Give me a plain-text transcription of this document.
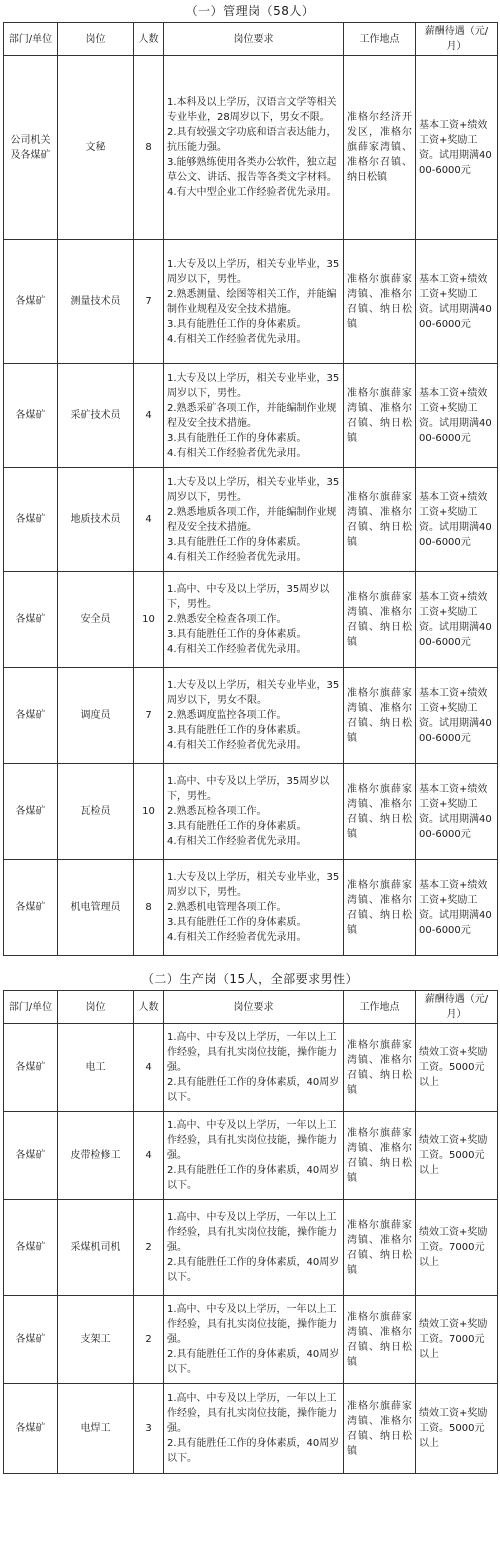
（一）管理岗（58人）
部门/单位	岗位	人数	岗位要求	工作地点	薪酬待遇（元/月）
公司机关及各煤矿	文秘	8	1.本科及以上学历，汉语言文学等相关专业毕业，28周岁以下，男女不限。
2.具有较强文字功底和语言表达能力，抗压能力强。
3.能够熟练使用各类办公软件，独立起草公文、讲话、报告等各类文字材料。
4.有大中型企业工作经验者优先录用。	准格尔经济开发区，准格尔旗薛家湾镇、准格尔召镇、纳日松镇	基本工资+绩效工资+奖励工资。试用期满4000-6000元
各煤矿	测量技术员	7	1.大专及以上学历，相关专业毕业，35周岁以下，男性。
2.熟悉测量、绘图等相关工作，并能编制作业规程及安全技术措施。
3.具有能胜任工作的身体素质。
4.有相关工作经验者优先录用。	准格尔旗薛家湾镇、准格尔召镇、纳日松镇	基本工资+绩效工资+奖励工资。试用期满4000-6000元
各煤矿	采矿技术员	4	1.大专及以上学历，相关专业毕业，35周岁以下，男性。
2.熟悉采矿各项工作，并能编制作业规程及安全技术措施。
3.具有能胜任工作的身体素质。
4.有相关工作经验者优先录用。	准格尔旗薛家湾镇、准格尔召镇、纳日松镇	基本工资+绩效工资+奖励工资。试用期满4000-6000元
各煤矿	地质技术员	4	1.大专及以上学历，相关专业毕业，35周岁以下，男性。
2.熟悉地质各项工作，并能编制作业规程及安全技术措施。
3.具有能胜任工作的身体素质。
4.有相关工作经验者优先录用。	准格尔旗薛家湾镇、准格尔召镇、纳日松镇	基本工资+绩效工资+奖励工资。试用期满4000-6000元
各煤矿	安全员	10	1.高中、中专及以上学历，35周岁以下，男性。
2.熟悉安全检查各项工作。
3.具有能胜任工作的身体素质。
4.有相关工作经验者优先录用。	准格尔旗薛家湾镇、准格尔召镇、纳日松镇	基本工资+绩效工资+奖励工资。试用期满4000-6000元
各煤矿	调度员	7	1.大专及以上学历，相关专业毕业，35周岁以下，男女不限。
2.熟悉调度监控各项工作。
3.具有能胜任工作的身体素质。
4.有相关工作经验者优先录用。	准格尔旗薛家湾镇、准格尔召镇、纳日松镇	基本工资+绩效工资+奖励工资。试用期满4000-6000元
各煤矿	瓦检员	10	1.高中、中专及以上学历，35周岁以下，男性。
2.熟悉瓦检各项工作。
3.具有能胜任工作的身体素质。
4.有相关工作经验者优先录用。	准格尔旗薛家湾镇、准格尔召镇、纳日松镇	基本工资+绩效工资+奖励工资。试用期满4000-6000元
各煤矿	机电管理员	8	1.大专及以上学历，相关专业毕业，35周岁以下，男性。
2.熟悉机电管理各项工作。
3.具有能胜任工作的身体素质。
4.有相关工作经验者优先录用。	准格尔旗薛家湾镇、准格尔召镇、纳日松镇	基本工资+绩效工资+奖励工资。试用期满4000-6000元
（二）生产岗（15人，全部要求男性）
部门/单位	岗位	人数	岗位要求	工作地点	薪酬待遇（元/月）
各煤矿	电工	4	1.高中、中专及以上学历，一年以上工作经验，具有扎实岗位技能，操作能力强。
2.具有能胜任工作的身体素质，40周岁以下。	准格尔旗薛家湾镇、准格尔召镇、纳日松镇	绩效工资+奖励工资。5000元以上
各煤矿	皮带检修工	4	1.高中、中专及以上学历，一年以上工作经验，具有扎实岗位技能，操作能力强。
2.具有能胜任工作的身体素质，40周岁以下。	准格尔旗薛家湾镇、准格尔召镇、纳日松镇	绩效工资+奖励工资。5000元以上
各煤矿	采煤机司机	2	1.高中、中专及以上学历，一年以上工作经验，具有扎实岗位技能，操作能力强。
2.具有能胜任工作的身体素质，40周岁以下。	准格尔旗薛家湾镇、准格尔召镇、纳日松镇	绩效工资+奖励工资。7000元以上
各煤矿	支架工	2	1.高中、中专及以上学历，一年以上工作经验，具有扎实岗位技能，操作能力强。
2.具有能胜任工作的身体素质，40周岁以下。	准格尔旗薛家湾镇、准格尔召镇、纳日松镇	绩效工资+奖励工资。7000元以上
各煤矿	电焊工	3	1.高中、中专及以上学历，一年以上工作经验，具有扎实岗位技能，操作能力强。
2.具有能胜任工作的身体素质，40周岁以下。	准格尔旗薛家湾镇、准格尔召镇、纳日松镇	绩效工资+奖励工资。5000元以上
